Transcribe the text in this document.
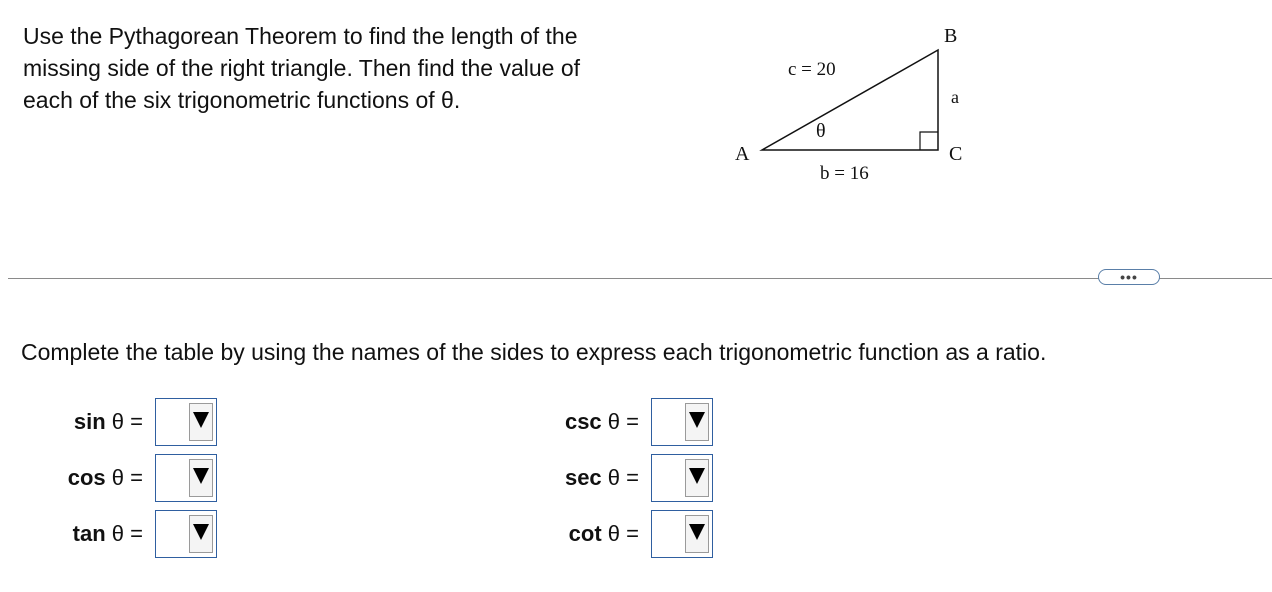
Use the Pythagorean Theorem to find the length of the
missing side of the right triangle. Then find the value of
each of the six trigonometric functions of θ.
A
B
C
a
c = 20
b = 16
θ
•••

Complete the table by using the names of the sides to express each trigonometric function as a ratio.

sin θ =
cos θ =
tan θ =
csc θ =
sec θ =
cot θ =
